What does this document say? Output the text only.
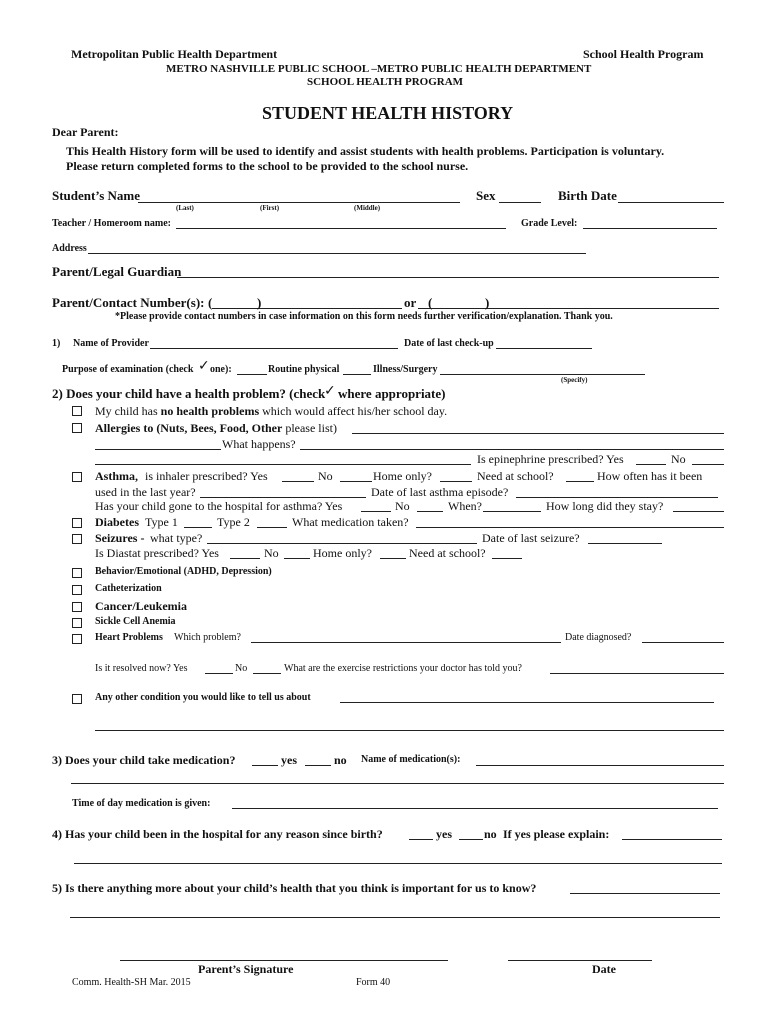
Metropolitan Public Health Department	School Health Program
METRO NASHVILLE PUBLIC SCHOOL –METRO PUBLIC HEALTH DEPARTMENT
SCHOOL HEALTH PROGRAM
STUDENT HEALTH HISTORY
Dear Parent:
This Health History form will be used to identify and assist students with health problems. Participation is voluntary.
Please return completed forms to the school to be provided to the school nurse.
Student’s Name
(Last)	(First)	(Middle)
Sex	Birth Date
Teacher / Homeroom name:	Grade Level:
Address
Parent/Legal Guardian
Parent/Contact Number(s): (	)	or (	)
*Please provide contact numbers in case information on this form needs further verification/explanation. Thank you.
1) Name of Provider	Date of last check-up
Purpose of examination (check ✓ one):	Routine physical	Illness/Surgery
(Specify)
2) Does your child have a health problem? (check
✓ where appropriate)
My child has no health problems which would affect his/her school day.
Allergies to (Nuts, Bees, Food, Other please list)
What happens?
Is epinephrine prescribed? Yes	No
Asthma, is inhaler prescribed? Yes	No	Home only?	Need at school?	How often has it been
used in the last year?	Date of last asthma episode?
Has your child gone to the hospital for asthma? Yes	No	When?	How long did they stay?
Diabetes Type 1	Type 2	What medication taken?
Seizures - what type?	Date of last seizure?
Is Diastat prescribed? Yes	No	Home only?	Need at school?
Behavior/Emotional (ADHD, Depression)
Catheterization
Cancer/Leukemia
Sickle Cell Anemia
Heart Problems Which problem?	Date diagnosed?
Is it resolved now? Yes	No	What are the exercise restrictions your doctor has told you?
Any other condition you would like to tell us about
3) Does your child take medication?	yes	no Name of medication(s):
Time of day medication is given:
4) Has your child been in the hospital for any reason since birth?	yes	no If yes please explain:
5) Is there anything more about your child’s health that you think is important for us to know?
Parent’s Signature	Date
Comm. Health-SH Mar. 2015	Form 40
